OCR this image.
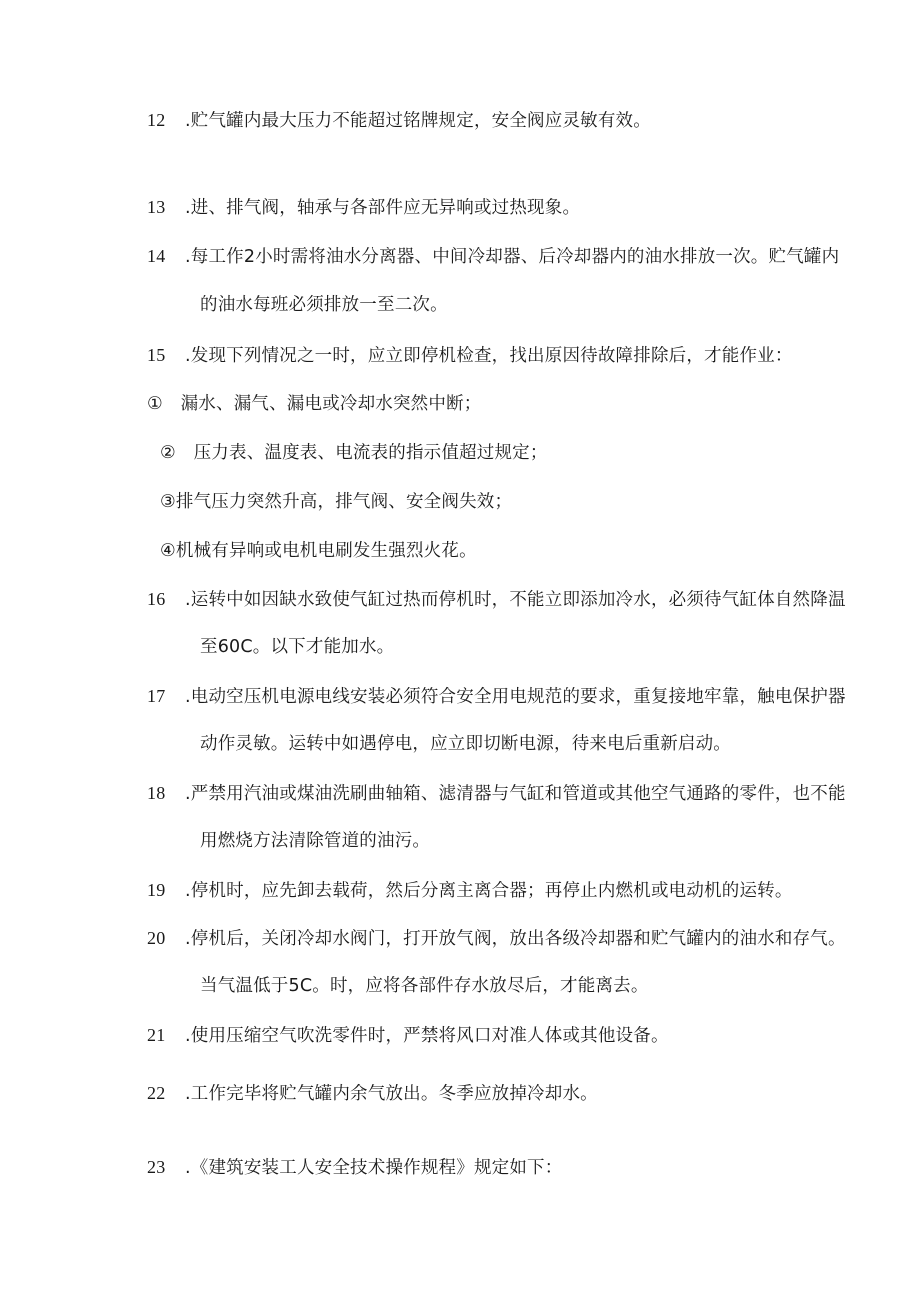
12 .贮气罐内最大压力不能超过铭牌规定，安全阀应灵敏有效。
13 .进、排气阀，轴承与各部件应无异响或过热现象。
14 .每工作2小时需将油水分离器、中间冷却器、后冷却器内的油水排放一次。贮气罐内
的油水每班必须排放一至二次。
15 .发现下列情况之一时，应立即停机检查，找出原因待故障排除后，才能作业：
①　漏水、漏气、漏电或冷却水突然中断；
②　压力表、温度表、电流表的指示值超过规定；
③排气压力突然升高，排气阀、安全阀失效；
④机械有异响或电机电刷发生强烈火花。
16 .运转中如因缺水致使气缸过热而停机时，不能立即添加冷水，必须待气缸体自然降温
至60C。以下才能加水。
17 .电动空压机电源电线安装必须符合安全用电规范的要求，重复接地牢靠，触电保护器
动作灵敏。运转中如遇停电，应立即切断电源，待来电后重新启动。
18 .严禁用汽油或煤油洗刷曲轴箱、滤清器与气缸和管道或其他空气通路的零件，也不能
用燃烧方法清除管道的油污。
19 .停机时，应先卸去载荷，然后分离主离合器；再停止内燃机或电动机的运转。
20 .停机后，关闭冷却水阀门，打开放气阀，放出各级冷却器和贮气罐内的油水和存气。
当气温低于5C。时，应将各部件存水放尽后，才能离去。
21 .使用压缩空气吹洗零件时，严禁将风口对准人体或其他设备。
22 .工作完毕将贮气罐内余气放出。冬季应放掉冷却水。
23 .《建筑安装工人安全技术操作规程》规定如下：
